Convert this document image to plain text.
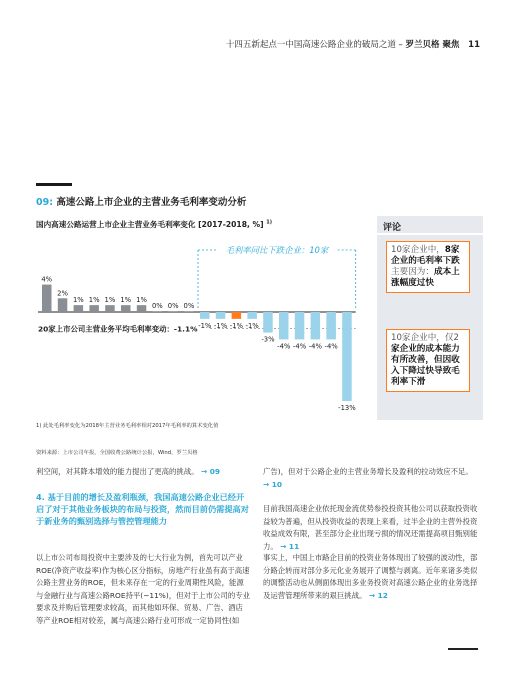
十四五新起点一中国高速公路企业的破局之道 – 罗兰贝格 聚焦 11
09: 高速公路上市企业的主营业务毛利率变动分析
国内高速公路运营上市企业主营业务毛利率变化 [2017-2018, %] $^{1)}$
评论
10家企业中，8家企业的毛利率下跌主要因为：成本上涨幅度过快
10家企业中，仅2家企业的成本能力有所改善，但因收入下降过快导致毛利率下滑
20家上市公司主营业务平均毛利率变动：-1.1%
4%
2%
1% 1% 1% 1% 1%
0% 0% 0%
-1% -1% -1% -1%
-3%
-4% -4% -4% -4%
-13%
毛利率同比下跌企业：10家
1) 此处毛利率变化为2018年主营业务毛利率相对2017年毛利率的算术变化值
资料来源：上市公司年报，全国收费公路统计公报，Wind，罗兰贝格
利空间，对其降本增效的能力提出了更高的挑战。 → 09
4. 基于目前的增长及盈利瓶颈，我国高速公路企业已经开启了对于其他业务板块的布局与投资，然而目前仍需提高对于新业务的甄别选择与管控管理能力
以上市公司布局投资中主要涉及的七大行业为例，首先可以产业ROE(净资产收益率)作为核心区分指标，房地产行业虽有高于高速公路主营业务的ROE，但未来存在一定的行业周期性风险，能源与金融行业与高速公路ROE持平(~11%)，但对于上市公司的专业要求及并购后管理要求较高，而其他如环保、贸易、广告、酒店等产业ROE相对较差，属与高速公路行业可形成一定协同性(如
广告)，但对于公路企业的主营业务增长及盈利的拉动效应不足。 → 10
目前我国高速企业依托现金流优势参投投资其他公司以获取投资收益较为普遍，但从投资收益的表现上来看，过半企业的主营外投资收益成效有限，甚至部分企业出现亏损的情况还需提高项目甄别能力。 → 11
事实上，中国上市路企目前的投资业务体现出了较强的波动性，部分路企转而对部分多元化业务展开了调整与剥离。近年来诸多类似的调整活动也从侧面体现出多业务投资对高速公路企业的业务选择及运营管理所带来的艰巨挑战。 → 12
